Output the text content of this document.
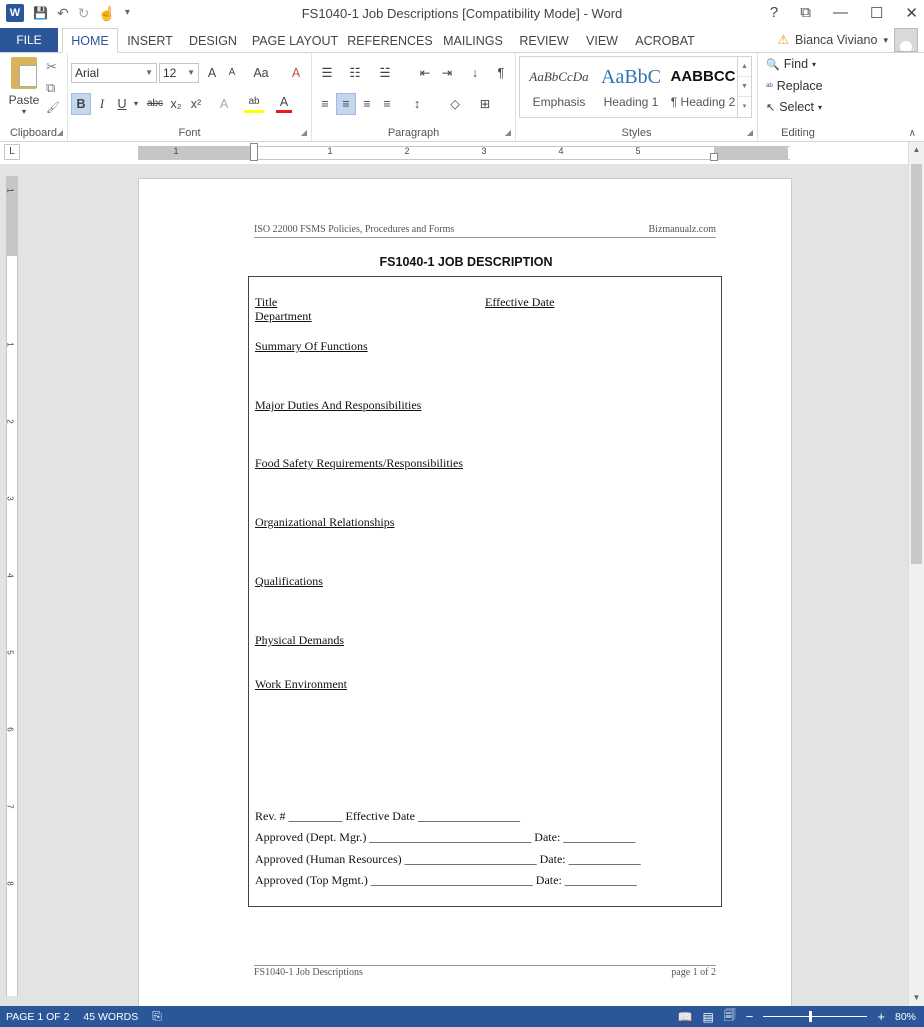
W	💾 ↶ ↻ ☝ ▾	FS1040-1 Job Descriptions [Compatibility Mode] - Word	? ⧉ — ☐ ✕
FILE	HOME	INSERT	DESIGN	PAGE LAYOUT REFERENCES MAILINGS	REVIEW	VIEW	ACROBAT	⚠ Bianca Viviano ▾
Paste
▾
✂
⧉
🖌
Clipboard ◢
Arial	▼ 12 ▼	A	A	Aa	A
B	I	U ▾ abc x₂ x²	A	ab	A
Font	◢
☰	☷	☱	⇤ ⇥	↓	¶
≡	≡	≡	≡	↕	◇	⊞
Paragraph	◢	Styles	◢
AaBbCcDa
Emphasis
AaBbC
Heading 1
AABBCC
¶ Heading 2
▲
▼
▾
Editing
🔍 Find ▾
ᵃᵇ Replace
↖ Select ▾
∧
L	1	1	2	3	4	5
1
1
2
3
4
5
6
7
8
ISO 22000 FSMS Policies, Procedures and Forms	Bizmanualz.com
FS1040-1 JOB DESCRIPTION
Title	Effective Date
Department
Summary Of Functions
Major Duties And Responsibilities
Food Safety Requirements/Responsibilities
Organizational Relationships
Qualifications
Physical Demands
Work Environment
Rev. # _________ Effective Date _________________
Approved (Dept. Mgr.) ___________________________ Date: ____________
Approved (Human Resources) ______________________ Date: ____________
Approved (Top Mgmt.) ___________________________ Date: ____________
FS1040-1 Job Descriptions	page 1 of 2
▲
▼
PAGE 1 OF 2 45 WORDS ⎘	📖 ▤ 🗐 −	+ 80%
